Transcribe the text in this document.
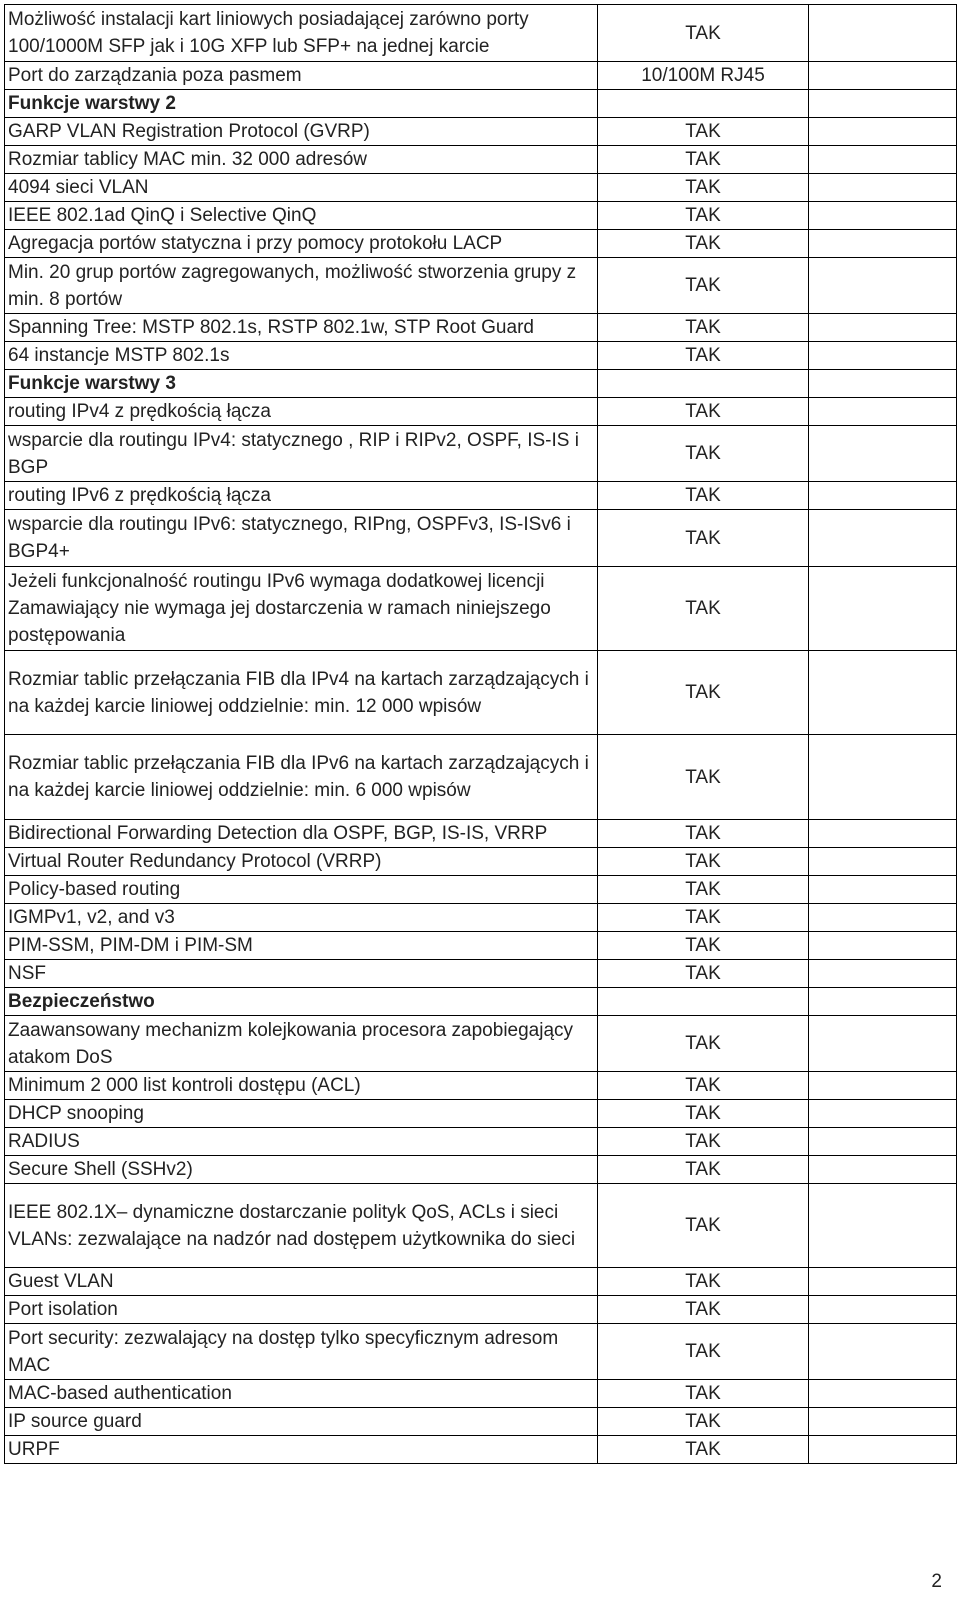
Możliwość instalacji kart liniowych posiadającej zarówno porty 100/1000M SFP jak i 10G XFP lub SFP+ na jednej karcie	TAK	
Port do zarządzania poza pasmem	10/100M RJ45	
Funkcje warstwy 2		
GARP VLAN Registration Protocol (GVRP)	TAK	
Rozmiar tablicy MAC min. 32 000 adresów	TAK	
4094 sieci VLAN	TAK	
IEEE 802.1ad QinQ i Selective QinQ	TAK	
Agregacja portów statyczna i przy pomocy protokołu LACP	TAK	
Min. 20 grup portów zagregowanych, możliwość stworzenia grupy z min. 8 portów	TAK	
Spanning Tree: MSTP 802.1s, RSTP 802.1w, STP Root Guard	TAK	
64 instancje MSTP 802.1s	TAK	
Funkcje warstwy 3		
routing IPv4 z prędkością łącza	TAK	
wsparcie dla routingu IPv4: statycznego , RIP i RIPv2, OSPF, IS-IS i BGP	TAK	
routing IPv6 z prędkością łącza	TAK	
wsparcie dla routingu IPv6: statycznego, RIPng, OSPFv3, IS-ISv6 i BGP4+	TAK	
Jeżeli funkcjonalność routingu IPv6 wymaga dodatkowej licencji Zamawiający nie wymaga jej dostarczenia w ramach niniejszego postępowania	TAK	
Rozmiar tablic przełączania FIB dla IPv4 na kartach zarządzających i na każdej karcie liniowej oddzielnie: min. 12 000 wpisów	TAK	
Rozmiar tablic przełączania FIB dla IPv6 na kartach zarządzających i na każdej karcie liniowej oddzielnie: min. 6 000 wpisów	TAK	
Bidirectional Forwarding Detection dla OSPF, BGP, IS-IS, VRRP	TAK	
Virtual Router Redundancy Protocol (VRRP)	TAK	
Policy-based routing	TAK	
IGMPv1, v2, and v3	TAK	
PIM-SSM, PIM-DM i PIM-SM	TAK	
NSF	TAK	
Bezpieczeństwo		
Zaawansowany mechanizm kolejkowania procesora zapobiegający atakom DoS	TAK	
Minimum 2 000 list kontroli dostępu (ACL)	TAK	
DHCP snooping	TAK	
RADIUS	TAK	
Secure Shell (SSHv2)	TAK	
IEEE 802.1X– dynamiczne dostarczanie polityk QoS, ACLs i sieci VLANs: zezwalające na nadzór nad dostępem użytkownika do sieci	TAK	
Guest VLAN	TAK	
Port isolation	TAK	
Port security: zezwalający na dostęp tylko specyficznym adresom MAC	TAK	
MAC-based authentication	TAK	
IP source guard	TAK	
URPF	TAK	
2
